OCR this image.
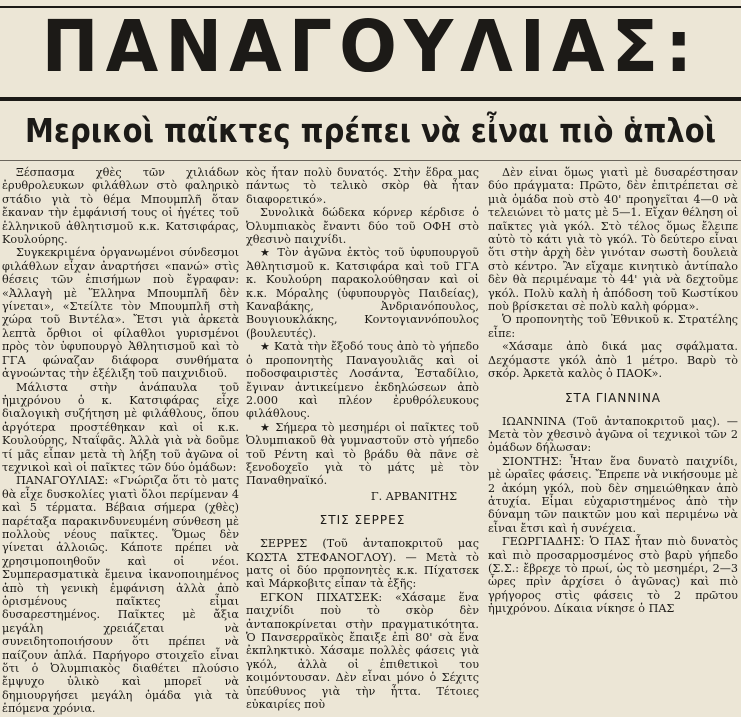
ΠΑΝΑΓΟΥΛΙΑΣ:
Μερικοὶ παῖκτες πρέπει νὰ εἶναι πιὸ ἁπλοὶ

Ξέσπασμα χθὲς τῶν χιλιάδων ἐρυθρολευκων φιλάθλων στὸ φαληρικὸ στάδιο γιὰ τὸ θέμα Μπουμπλῆ ὅταν ἔκαναν τὴν ἐμφάνισή τους οἱ ἡγέτες τοῦ ἑλληνικοῦ ἀθλητισμοῦ κ.κ. Κατσιφάρας, Κουλούρης.

Συγκεκριμένα ὀργανωμένοι σύνδεσμοι φιλάθλων εἶχαν ἀναρτήσει «πανώ» στὶς θέσεις τῶν ἐπισήμων ποὺ ἔγραφαν: «Ἀλλαγὴ μὲ Ἕλληνα Μπουμπλῆ δὲν γίνεται», «Στείλτε τὸν Μπουμπλῆ στὴ χώρα τοῦ Βιντέλα». Ἔτσι γιὰ ἀρκετὰ λεπτὰ ὄρθιοι οἱ φίλαθλοι γυρισμένοι πρὸς τὸν ὑφυπουργὸ Ἀθλητισμοῦ καὶ τὸ ΓΓΑ φώναζαν διάφορα συνθήματα ἀγνοώντας τὴν ἐξέλιξη τοῦ παιχνιδιοῦ.

Μάλιστα στὴν ἀνάπαυλα τοῦ ἡμιχρόνου ὁ κ. Κατσιφάρας εἶχε διαλογικὴ συζήτηση μὲ φιλάθλους, ὅπου ἀργότερα προστέθηκαν καὶ οἱ κ.κ. Κουλούρης, Νταΐφᾶς. Ἀλλὰ γιὰ νὰ δοῦμε τί μᾶς εἶπαν μετὰ τὴ λήξη τοῦ ἀγῶνα οἱ τεχνικοὶ καὶ οἱ παῖκτες τῶν δύο ὁμάδων:

ΠΑΝΑΓΟΥΛΙΑΣ: «Γνώριζα ὅτι τὸ ματς θὰ εἶχε δυσκολίες γιατὶ ὅλοι περίμεναν 4 καὶ 5 τέρματα. Βέβαια σήμερα (χθὲς) παρέταξα παρακινδυνευμένη σύνθεση μὲ πολλοὺς νέους παῖκτες. Ὅμως δὲν γίνεται ἀλλοιῶς. Κάποτε πρέπει νὰ χρησιμοποιηθοῦν καὶ οἱ νέοι. Συμπερασματικὰ ἔμεινα ἱκανοποιημένος ἀπὸ τὴ γενικὴ ἐμφάνιση ἀλλὰ ἀπὸ ὁρισμένους παῖκτες εἶμαι δυσαρεστημένος. Παῖκτες μὲ ἄξια μεγάλη χρειάζεται νὰ συνειδητοποιήσουν ὅτι πρέπει νὰ παίζουν ἁπλά. Παρήγορο στοιχεῖο εἶναι ὅτι ὁ Ὀλυμπιακὸς διαθέτει πλούσιο ἔμψυχο ὑλικὸ καὶ μπορεῖ νὰ δημιουργήσει μεγάλη ὁμάδα γιὰ τὰ ἑπόμενα χρόνια.

κὸς ἦταν πολὺ δυνατός. Στὴν ἕδρα μας πάντως τὸ τελικὸ σκὸρ θὰ ἦταν διαφορετικό».

Συνολικὰ δώδεκα κόρνερ κέρδισε ὁ Ὀλυμπιακὸς ἔναντι δύο τοῦ ΟΦΗ στὸ χθεσινὸ παιχνίδι.

★ Τὸν ἀγῶνα ἐκτὸς τοῦ ὑφυπουργοῦ Ἀθλητισμοῦ κ. Κατσιφάρα καὶ τοῦ ΓΓΑ κ. Κουλούρη παρακολούθησαν καὶ οἱ κ.κ. Μόραλης (ὑφυπουργὸς Παιδείας), Καναβάκης, Ἀνδριανόπουλος, Βουγιουκλάκης, Κοντογιαννόπουλος (βουλευτές).

★ Κατὰ τὴν ἔξοδό τους ἀπὸ τὸ γήπεδο ὁ προπονητὴς Παναγουλιᾶς καὶ οἱ ποδοσφαιριστὲς Λοσάντα, Ἐσταδίλιο, ἔγιναν ἀντικείμενο ἐκδηλώσεων ἀπὸ 2.000 καὶ πλέον ἐρυθρόλευκους φιλάθλους.

★ Σήμερα τὸ μεσημέρι οἱ παῖκτες τοῦ Ὀλυμπιακοῦ θὰ γυμναστοῦν στὸ γήπεδο τοῦ Ρέντη καὶ τὸ βράδυ θὰ πᾶνε σὲ ξενοδοχεῖο γιὰ τὸ μάτς μὲ τὸν Παναθηναϊκό.

Γ. ΑΡΒΑΝΙΤΗΣ

ΣΤΙΣ ΣΕΡΡΕΣ

ΣΕΡΡΕΣ (Τοῦ ἀνταποκριτοῦ μας ΚΩΣΤΑ ΣΤΕΦΑΝΟΓΛΟΥ). — Μετὰ τὸ ματς οἱ δύο προπονητὲς κ.κ. Πίχατσεκ καὶ Μάρκοβιτς εἶπαν τὰ ἑξῆς:

ΕΓΚΟΝ ΠΙΧΑΤΣΕΚ: «Χάσαμε ἕνα παιχνίδι ποὺ τὸ σκὸρ δὲν ἀνταποκρίνεται στὴν πραγματικότητα. Ὁ Πανσερραϊκὸς ἔπαιξε ἐπὶ 80' σὰ ἕνα ἐκπληκτικὸ. Χάσαμε πολλὲς φάσεις γιὰ γκόλ, ἀλλὰ οἱ ἐπιθετικοὶ του κοιμόντουσαν. Δὲν εἶναι μόνο ὁ Σέχιτς ὑπεύθυνος γιὰ τὴν ἧττα. Τέτοιες εὐκαιρίες ποὺ

Δὲν εἶναι ὅμως γιατὶ μὲ δυσαρέστησαν δύο πράγματα: Πρῶτο, δὲν ἐπιτρέπεται σὲ μιὰ ὁμάδα ποὺ στὸ 40' προηγεῖται 4—0 νὰ τελειώνει τὸ ματς μὲ 5—1. Εἴχαν θέληση οἱ παῖκτες γιὰ γκόλ. Στὸ τέλος ὅμως ἔλειπε αὐτὸ τὸ κάτι γιὰ τὸ γκόλ. Τὸ δεύτερο εἶναι ὅτι στὴν ἀρχὴ δὲν γινόταν σωστὴ δουλειὰ στὸ κέντρο. Ἂν εἴχαμε κινητικὸ ἀντίπαλο δὲν θὰ περιμέναμε τὸ 44' γιὰ νὰ δεχτοῦμε γκόλ. Πολὺ καλὴ ἡ ἀπόδοση τοῦ Κωστίκου ποὺ βρίσκεται σὲ πολὺ καλὴ φόρμα».

Ὁ προπονητὴς τοῦ Ἐθνικοῦ κ. Στρατέλης εἶπε:

«Χάσαμε ἀπὸ δικά μας σφάλματα. Δεχόμαστε γκόλ ἀπὸ 1 μέτρο. Βαρὺ τὸ σκόρ. Ἀρκετὰ καλὸς ὁ ΠΑΟΚ».

ΣΤΑ ΓΙΑΝΝΙΝΑ

ΙΩΑΝΝΙΝΑ (Τοῦ ἀνταποκριτοῦ μας). — Μετὰ τὸν χθεσινὸ ἀγῶνα οἱ τεχνικοὶ τῶν 2 ὁμάδων δήλωσαν:

ΣΙΟΝΤΗΣ: Ἦταν ἕνα δυνατὸ παιχνίδι, μὲ ὡραῖες φάσεις. Ἔπρεπε νὰ νικήσουμε μὲ 2 ἀκόμη γκόλ, ποὺ δὲν σημειώθηκαν ἀπὸ ἀτυχία. Εἶμαι εὐχαριστημένος ἀπὸ τὴν δύναμη τῶν παικτῶν μου καὶ περιμένω νὰ εἶναι ἔτσι καὶ ἡ συνέχεια.

ΓΕΩΡΓΙΑΔΗΣ: Ὁ ΠΑΣ ἦταν πιὸ δυνατὸς καὶ πιὸ προσαρμοσμένος στὸ βαρὺ γήπεδο (Σ.Σ.: ἔβρεχε τὸ πρωί, ὡς τὸ μεσημέρι, 2—3 ὧρες πρὶν ἀρχίσει ὁ ἀγῶνας) καὶ πιὸ γρήγορος στὶς φάσεις τὸ 2 πρῶτου ἡμιχρόνου. Δίκαια νίκησε ὁ ΠΑΣ
